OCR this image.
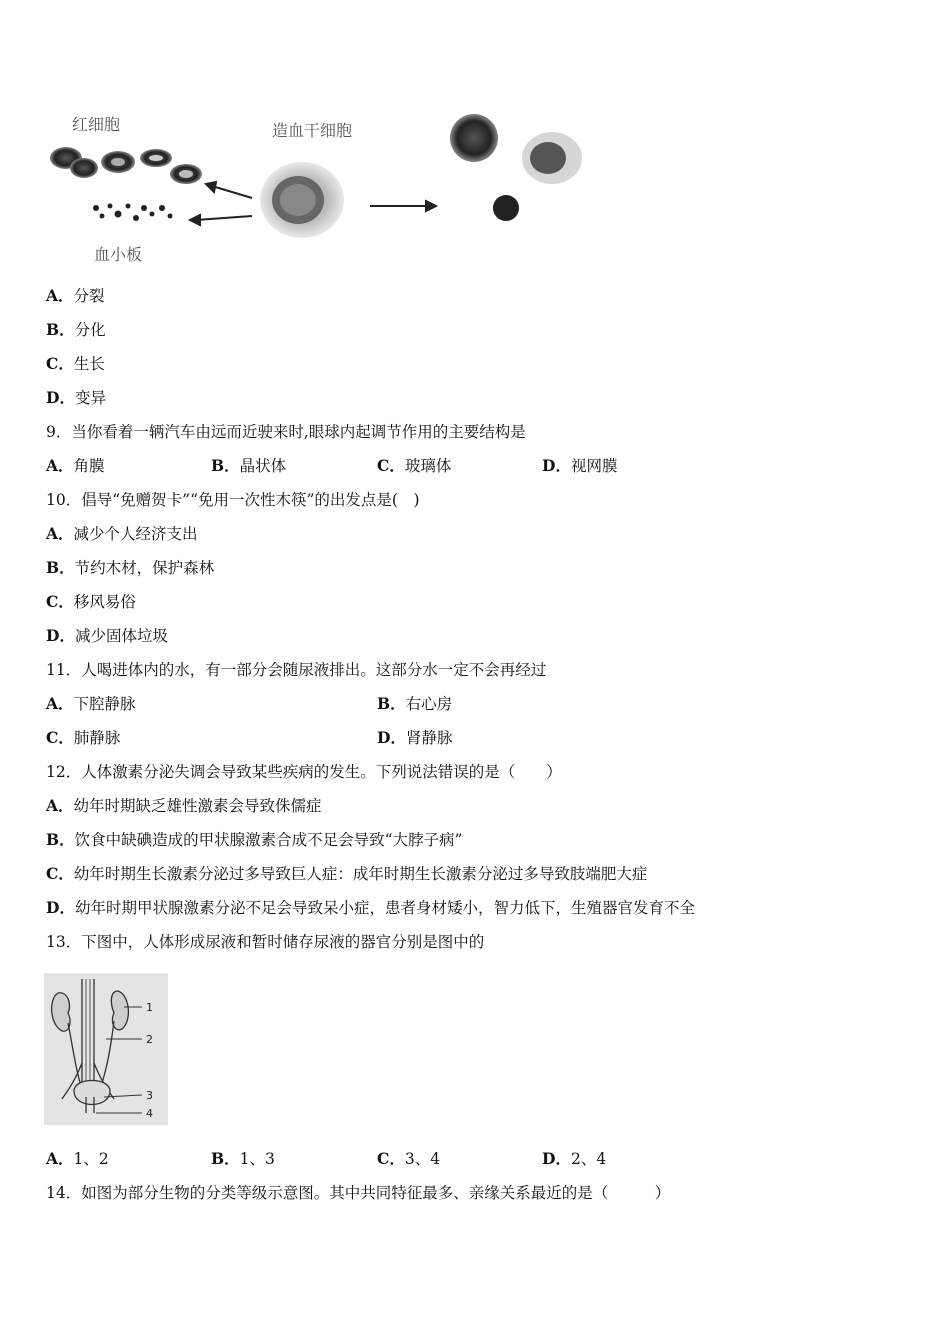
红细胞	造血干细胞
血小板
A．分裂
B．分化
C．生长
D．变异
9．当你看着一辆汽车由远而近驶来时,眼球内起调节作用的主要结构是
A．角膜	B．晶状体	C．玻璃体	D．视网膜
10．倡导“免赠贺卡”“免用一次性木筷”的出发点是(　)
A．减少个人经济支出
B．节约木材，保护森林
C．移风易俗
D．减少固体垃圾
11．人喝进体内的水，有一部分会随尿液排出。这部分水一定不会再经过
A．下腔静脉	B．右心房
C．肺静脉	D．肾静脉
12．人体激素分泌失调会导致某些疾病的发生。下列说法错误的是（　　）
A．幼年时期缺乏雄性激素会导致侏儒症
B．饮食中缺碘造成的甲状腺激素合成不足会导致“大脖子病”
C．幼年时期生长激素分泌过多导致巨人症：成年时期生长激素分泌过多导致肢端肥大症
D．幼年时期甲状腺激素分泌不足会导致呆小症，患者身材矮小，智力低下，生殖器官发育不全
13．下图中，人体形成尿液和暂时储存尿液的器官分别是图中的
1
2
3
4
A．1、2	B．1、3	C．3、4	D．2、4
14．如图为部分生物的分类等级示意图。其中共同特征最多、亲缘关系最近的是（　　　）
